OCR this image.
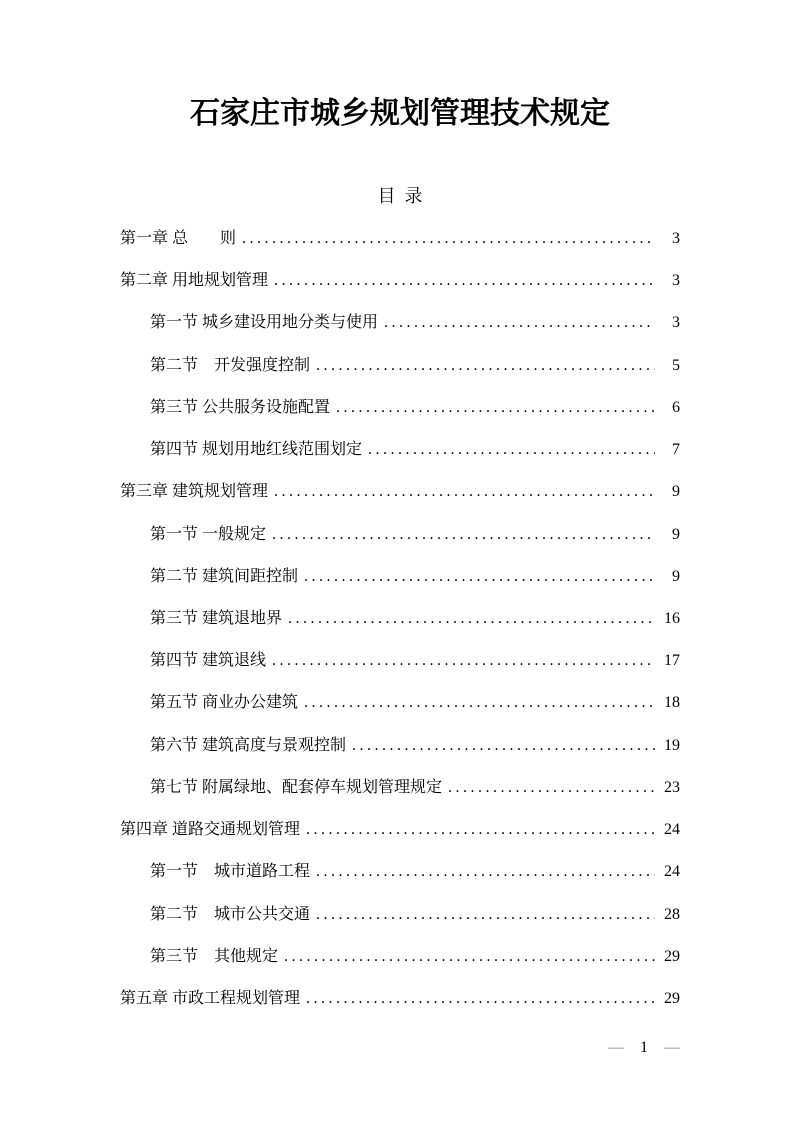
石家庄市城乡规划管理技术规定
目  录
第一章 总　　则 .....	3
第二章 用地规划管理 .....	3
第一节 城乡建设用地分类与使用 .....	3
第二节　开发强度控制 .....	5
第三节 公共服务设施配置 .....	6
第四节 规划用地红线范围划定 .....	7
第三章 建筑规划管理 .....	9
第一节 一般规定 .....	9
第二节 建筑间距控制 .....	9
第三节 建筑退地界 .....	16
第四节 建筑退线 .....	17
第五节 商业办公建筑 .....	18
第六节 建筑高度与景观控制 .....	19
第七节 附属绿地、配套停车规划管理规定 .....	23
第四章 道路交通规划管理 .....	24
第一节　城市道路工程 .....	24
第二节　城市公共交通 .....	28
第三节　其他规定 .....	29
第五章 市政工程规划管理 .....	29
— 1 —
